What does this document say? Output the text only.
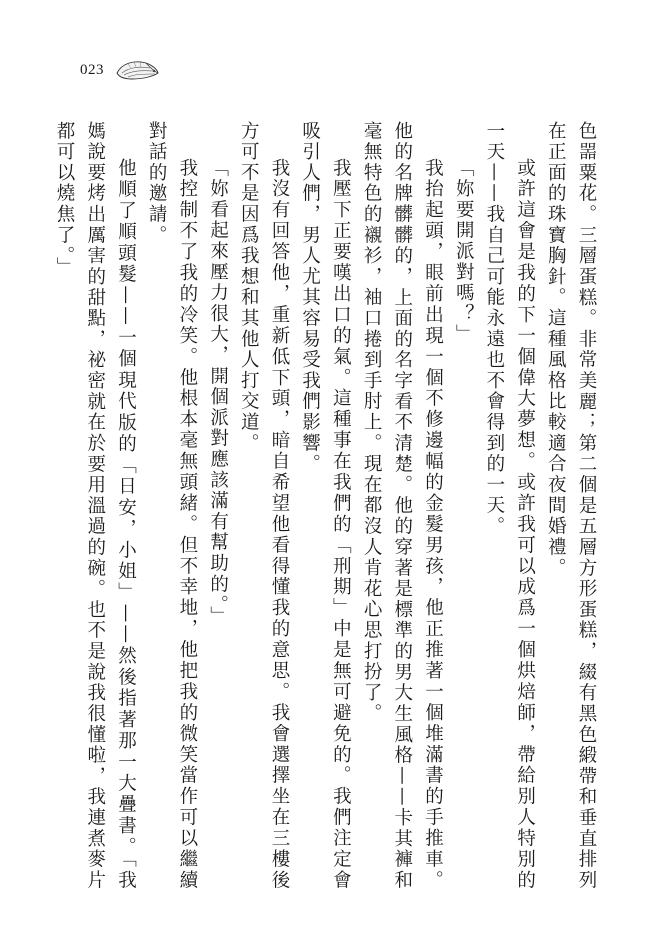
023

色噐粟花。三層蛋糕。非常美麗；第二個是五層方形蛋糕，綴有黑色緞帶和垂直排列在正面的珠寶胸針。這種風格比較適合夜間婚禮。

或許這會是我的下一個偉大夢想。或許我可以成爲一個烘焙師，帶給別人特別的一天——我自己可能永遠也不會得到的一天。

「妳要開派對嗎？」

我抬起頭，眼前出現一個不修邊幅的金髮男孩，他正推著一個堆滿書的手推車。他的名牌髒髒的，上面的名字看不清楚。他的穿著是標準的男大生風格——卡其褲和毫無特色的襯衫，袖口捲到手肘上。現在都沒人肯花心思打扮了。

我壓下正要嘆出口的氣。這種事在我們的「刑期」中是無可避免的。我們注定會吸引人們，男人尤其容易受我們影響。

我沒有回答他，重新低下頭，暗自希望他看得懂我的意思。我會選擇坐在三樓後方可不是因爲我想和其他人打交道。

「妳看起來壓力很大，開個派對應該滿有幫助的。」

我控制不了我的冷笑。他根本毫無頭緒。但不幸地，他把我的微笑當作可以繼續對話的邀請。

他順了順頭髮——一個現代版的「日安，小姐」——然後指著那一大疊書。「我媽說要烤出厲害的甜點，祕密就在於要用溫過的碗。也不是說我很懂啦，我連煮麥片都可以燒焦了。」
